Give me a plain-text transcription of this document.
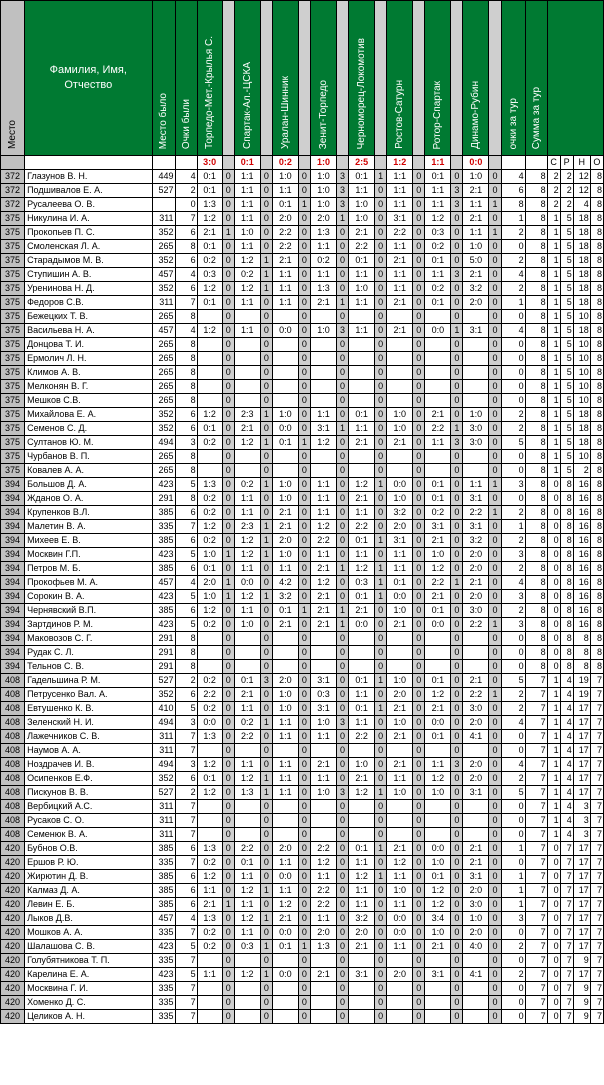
Место	Фамилия, Имя, Отчество	Место было	Очки были	Торпедо-Мет.-Крылья С.		Спартак-Ал.-ЦСКА		Уралан-Шинник		Зенит-Торпедо		Черноморец-Локомотив		Ростов-Сатурн		Ротор-Спартак		Динамо-Рубин		очки за тур	Сумма за тур				
				3:0		0:1		0:2		1:0		2:5		1:2		1:1		0:0				С	Р	Н	О
372	Глазунов В. Н.	449	4	0:1	0	1:1	0	1:0	0	1:0	3	0:1	1	1:1	0	0:1	0	1:0	0	4	8	2	2	12	8
372	Подшивалов Е. А.	527	2	0:1	0	1:1	0	1:1	0	1:0	3	1:1	0	1:1	0	1:1	3	2:1	0	6	8	2	2	12	8
372	Русалеева О. В.		0	1:3	0	1:1	0	0:1	1	1:0	3	1:0	0	1:1	0	1:1	3	1:1	1	8	8	2	2	4	8
375	Никулина И. А.	311	7	1:2	0	1:1	0	2:0	0	2:0	1	1:0	0	3:1	0	1:2	0	2:1	0	1	8	1	5	18	8
375	Прокопьев П. С.	352	6	2:1	1	1:0	0	2:2	0	1:3	0	2:1	0	2:2	0	0:3	0	1:1	1	2	8	1	5	18	8
375	Смоленская Л. А.	265	8	0:1	0	1:1	0	2:2	0	1:1	0	2:2	0	1:1	0	0:2	0	1:0	0	0	8	1	5	18	8
375	Старадымов М. В.	352	6	0:2	0	1:2	1	2:1	0	0:2	0	0:1	0	2:1	0	0:1	0	5:0	0	2	8	1	5	18	8
375	Ступишин А. В.	457	4	0:3	0	0:2	1	1:1	0	1:1	0	1:1	0	1:1	0	1:1	3	2:1	0	4	8	1	5	18	8
375	Уренинова Н. Д.	352	6	1:2	0	1:2	1	1:1	0	1:3	0	1:0	0	1:1	0	0:2	0	3:2	0	2	8	1	5	18	8
375	Федоров С.В.	311	7	0:1	0	1:1	0	1:1	0	2:1	1	1:1	0	2:1	0	0:1	0	2:0	0	1	8	1	5	18	8
375	Бежецких Т. В.	265	8		0		0		0		0		0		0		0		0	0	8	1	5	10	8
375	Васильева Н. А.	457	4	1:2	0	1:1	0	0:0	0	1:0	3	1:1	0	2:1	0	0:0	1	3:1	0	4	8	1	5	18	8
375	Донцова Т. И.	265	8		0		0		0		0		0		0		0		0	0	8	1	5	10	8
375	Ермолич Л. Н.	265	8		0		0		0		0		0		0		0		0	0	8	1	5	10	8
375	Климов А. В.	265	8		0		0		0		0		0		0		0		0	0	8	1	5	10	8
375	Мелконян В. Г.	265	8		0		0		0		0		0		0		0		0	0	8	1	5	10	8
375	Мешков С.В.	265	8		0		0		0		0		0		0		0		0	0	8	1	5	10	8
375	Михайлова Е. А.	352	6	1:2	0	2:3	1	1:0	0	1:1	0	0:1	0	1:0	0	2:1	0	1:0	0	2	8	1	5	18	8
375	Семенов С. Д.	352	6	0:1	0	2:1	0	0:0	0	3:1	1	1:1	0	1:0	0	2:2	1	3:0	0	2	8	1	5	18	8
375	Султанов Ю. М.	494	3	0:2	0	1:2	1	0:1	1	1:2	0	2:1	0	2:1	0	1:1	3	3:0	0	5	8	1	5	18	8
375	Чурбанов В. П.	265	8		0		0		0		0		0		0		0		0	0	8	1	5	10	8
375	Ковалев А. А.	265	8		0		0		0		0		0		0		0		0	0	8	1	5	2	8
394	Большов Д. А.	423	5	1:3	0	0:2	1	1:0	0	1:1	0	1:2	1	0:0	0	0:1	0	1:1	1	3	8	0	8	16	8
394	Жданов О. А.	291	8	0:2	0	1:1	0	1:0	0	1:1	0	2:1	0	1:0	0	0:1	0	3:1	0	0	8	0	8	16	8
394	Крупенков В.Л.	385	6	0:2	0	1:1	0	2:1	0	1:1	0	1:1	0	3:2	0	0:2	0	2:2	1	2	8	0	8	16	8
394	Малетин В. А.	335	7	1:2	0	2:3	1	2:1	0	1:2	0	2:2	0	2:0	0	3:1	0	3:1	0	1	8	0	8	16	8
394	Михеев Е. В.	385	6	0:2	0	1:2	1	2:0	0	2:2	0	0:1	1	3:1	0	2:1	0	3:2	0	2	8	0	8	16	8
394	Москвин Г.П.	423	5	1:0	1	1:2	1	1:0	0	1:1	0	1:1	0	1:1	0	1:0	0	2:0	0	3	8	0	8	16	8
394	Петров М. Б.	385	6	0:1	0	1:1	0	1:1	0	2:1	1	1:2	1	1:1	0	1:2	0	2:0	0	2	8	0	8	16	8
394	Прокофьев М. А.	457	4	2:0	1	0:0	0	4:2	0	1:2	0	0:3	1	0:1	0	2:2	1	2:1	0	4	8	0	8	16	8
394	Сорокин В. А.	423	5	1:0	1	1:2	1	3:2	0	2:1	0	0:1	1	0:0	0	2:1	0	2:0	0	3	8	0	8	16	8
394	Чернявский В.П.	385	6	1:2	0	1:1	0	0:1	1	2:1	1	2:1	0	1:0	0	0:1	0	3:0	0	2	8	0	8	16	8
394	Зартдинов Р. М.	423	5	0:2	0	1:0	0	2:1	0	2:1	1	0:0	0	2:1	0	0:0	0	2:2	1	3	8	0	8	16	8
394	Маковозов С. Г.	291	8		0		0		0		0		0		0		0		0	0	8	0	8	8	8
394	Рудак С. Л.	291	8		0		0		0		0		0		0		0		0	0	8	0	8	8	8
394	Тельнов С. В.	291	8		0		0		0		0		0		0		0		0	0	8	0	8	8	8
408	Гадельшина Р. М.	527	2	0:2	0	0:1	3	2:0	0	3:1	0	0:1	1	1:0	0	0:1	0	2:1	0	5	7	1	4	19	7
408	Петрусенко Вал. А.	352	6	2:2	0	2:1	0	1:0	0	0:3	0	1:1	0	2:0	0	1:2	0	2:2	1	2	7	1	4	19	7
408	Евтушенко К. В.	410	5	0:2	0	1:1	0	1:0	0	3:1	0	0:1	1	2:1	0	2:1	0	3:0	0	2	7	1	4	17	7
408	Зеленский Н. И.	494	3	0:0	0	0:2	1	1:1	0	1:0	3	1:1	0	1:0	0	0:0	0	2:0	0	4	7	1	4	17	7
408	Лажечников С. В.	311	7	1:3	0	2:2	0	1:1	0	1:1	0	2:2	0	2:1	0	0:1	0	4:1	0	0	7	1	4	17	7
408	Наумов А. А.	311	7		0		0		0		0		0		0		0		0	0	7	1	4	17	7
408	Ноздрачев И. В.	494	3	1:2	0	1:1	0	1:1	0	2:1	0	1:0	0	2:1	0	1:1	3	2:0	0	4	7	1	4	17	7
408	Осипенков Е.Ф.	352	6	0:1	0	1:2	1	1:1	0	1:1	0	2:1	0	1:1	0	1:2	0	2:0	0	2	7	1	4	17	7
408	Пискунов В. В.	527	2	1:2	0	1:3	1	1:1	0	1:0	3	1:2	1	1:0	0	1:0	0	3:1	0	5	7	1	4	17	7
408	Вербицкий А.С.	311	7		0		0		0		0		0		0		0		0	0	7	1	4	3	7
408	Русаков С. О.	311	7		0		0		0		0		0		0		0		0	0	7	1	4	3	7
408	Семенюк В. А.	311	7		0		0		0		0		0		0		0		0	0	7	1	4	3	7
420	Бубнов О.В.	385	6	1:3	0	2:2	0	2:0	0	2:2	0	0:1	1	2:1	0	0:0	0	2:1	0	1	7	0	7	17	7
420	Ершов Р. Ю.	335	7	0:2	0	0:1	0	1:1	0	1:2	0	1:1	0	1:2	0	1:0	0	2:1	0	0	7	0	7	17	7
420	Жирютин Д. В.	385	6	1:2	0	1:1	0	0:0	0	1:1	0	1:2	1	1:1	0	0:1	0	3:1	0	1	7	0	7	17	7
420	Калмаз Д. А.	385	6	1:1	0	1:2	1	1:1	0	2:2	0	1:1	0	1:0	0	1:2	0	2:0	0	1	7	0	7	17	7
420	Левин Е. Б.	385	6	2:1	1	1:1	0	1:2	0	2:2	0	1:1	0	1:1	0	1:2	0	3:0	0	1	7	0	7	17	7
420	Лыков Д.В.	457	4	1:3	0	1:2	1	2:1	0	1:1	0	3:2	0	0:0	0	3:4	0	1:0	0	3	7	0	7	17	7
420	Мошков А. А.	335	7	0:2	0	1:1	0	0:0	0	2:0	0	2:0	0	0:0	0	1:0	0	2:0	0	0	7	0	7	17	7
420	Шалашова С. В.	423	5	0:2	0	0:3	1	0:1	1	1:3	0	2:1	0	1:1	0	2:1	0	4:0	0	2	7	0	7	17	7
420	Голубятникова Т. П.	335	7		0		0		0		0		0		0		0		0	0	7	0	7	9	7
420	Карелина Е. А.	423	5	1:1	0	1:2	1	0:0	0	2:1	0	3:1	0	2:0	0	3:1	0	4:1	0	2	7	0	7	17	7
420	Москвина Г. И.	335	7		0		0		0		0		0		0		0		0	0	7	0	7	9	7
420	Хоменко Д. С.	335	7		0		0		0		0		0		0		0		0	0	7	0	7	9	7
420	Целиков А. Н.	335	7		0		0		0		0		0		0		0		0	0	7	0	7	9	7
